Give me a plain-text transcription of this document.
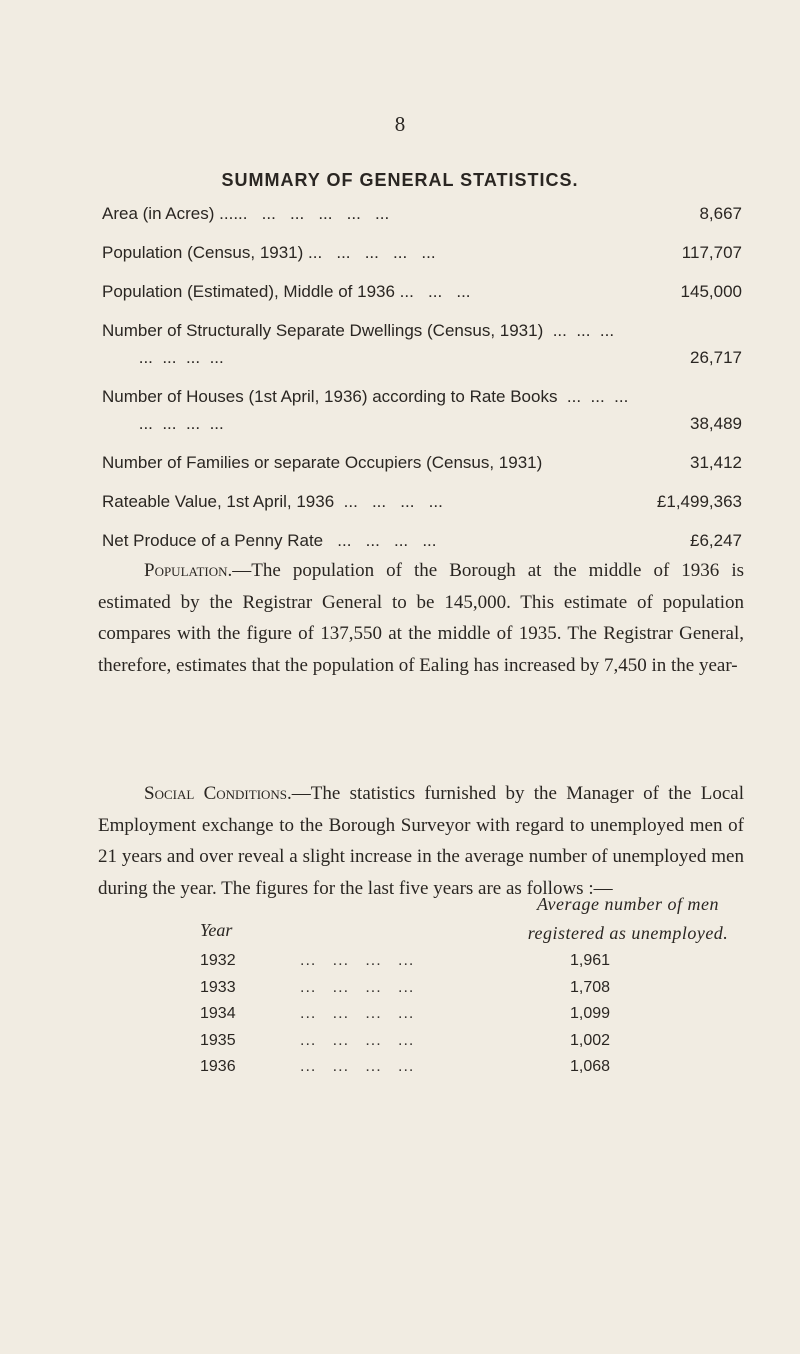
8
SUMMARY OF GENERAL STATISTICS.
Area (in Acres) ......   ...   ...   ...   ...   ...	8,667
Population (Census, 1931) ...   ...   ...   ...   ...	117,707
Population (Estimated), Middle of 1936 ...   ...   ...	145,000
Number of Structurally Separate Dwellings (Census, 1931)  ...  ...  ...  ...  ...  ...  ...	26,717
Number of Houses (1st April, 1936) according to Rate Books  ...  ...  ...  ...  ...  ...  ...	38,489
Number of Families or separate Occupiers (Census, 1931)	31,412
Rateable Value, 1st April, 1936  ...   ...   ...   ...	£1,499,363
Net Produce of a Penny Rate   ...   ...   ...   ...	£6,247
Population.—The population of the Borough at the middle of 1936 is estimated by the Registrar General to be 145,000. This estimate of population compares with the figure of 137,550 at the middle of 1935. The Registrar General, therefore, estimates that the population of Ealing has increased by 7,450 in the year-
Social Conditions.—The statistics furnished by the Manager of the Local Employment exchange to the Borough Surveyor with regard to unemployed men of 21 years and over reveal a slight increase in the average number of unemployed men during the year. The figures for the last five years are as follows :—
Year
Average number of men
registered as unemployed.
1932	...   ...   ...   ...	1,961
1933	...   ...   ...   ...	1,708
1934	...   ...   ...   ...	1,099
1935	...   ...   ...   ...	1,002
1936	...   ...   ...   ...	1,068
